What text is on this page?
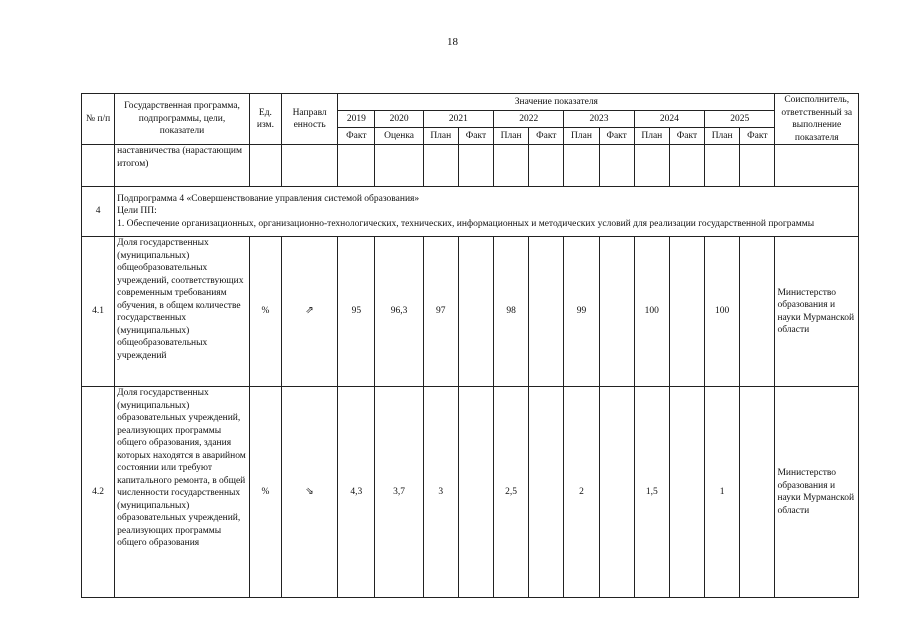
18
№ п/п	Государственная программа, подпрограммы, цели, показатели	Ед. изм.	Направл енность	Значение показателя												Соисполнитель, ответственный за выполнение показателя
				2019	2020	2021		2022		2023		2024		2025		
				Факт	Оценка	План	Факт	План	Факт	План	Факт	План	Факт	План	Факт	
	наставничества (нарастающим итогом)															
4	Подпрограмма 4 «Совершенствование управления системой образования»
Цели ПП:
1. Обеспечение организационных, организационно-технологических, технических, информационных и методических условий для реализации государственной программы															

4.1	Доля государственных (муниципальных) общеобразовательных учреждений, соответствующих современным требованиям обучения, в общем количестве государственных (муниципальных) общеобразовательных учреждений	%	⇗	95	96,3	97		98		99		100		100		Министерство образования и науки Мурманской области
4.2	Доля государственных (муниципальных) образовательных учреждений, реализующих программы общего образования, здания которых находятся в аварийном состоянии или требуют капитального ремонта, в общей численности государственных (муниципальных) образовательных учреждений, реализующих программы общего образования	%	⇘	4,3	3,7	3		2,5		2		1,5		1		Министерство образования и науки Мурманской области
